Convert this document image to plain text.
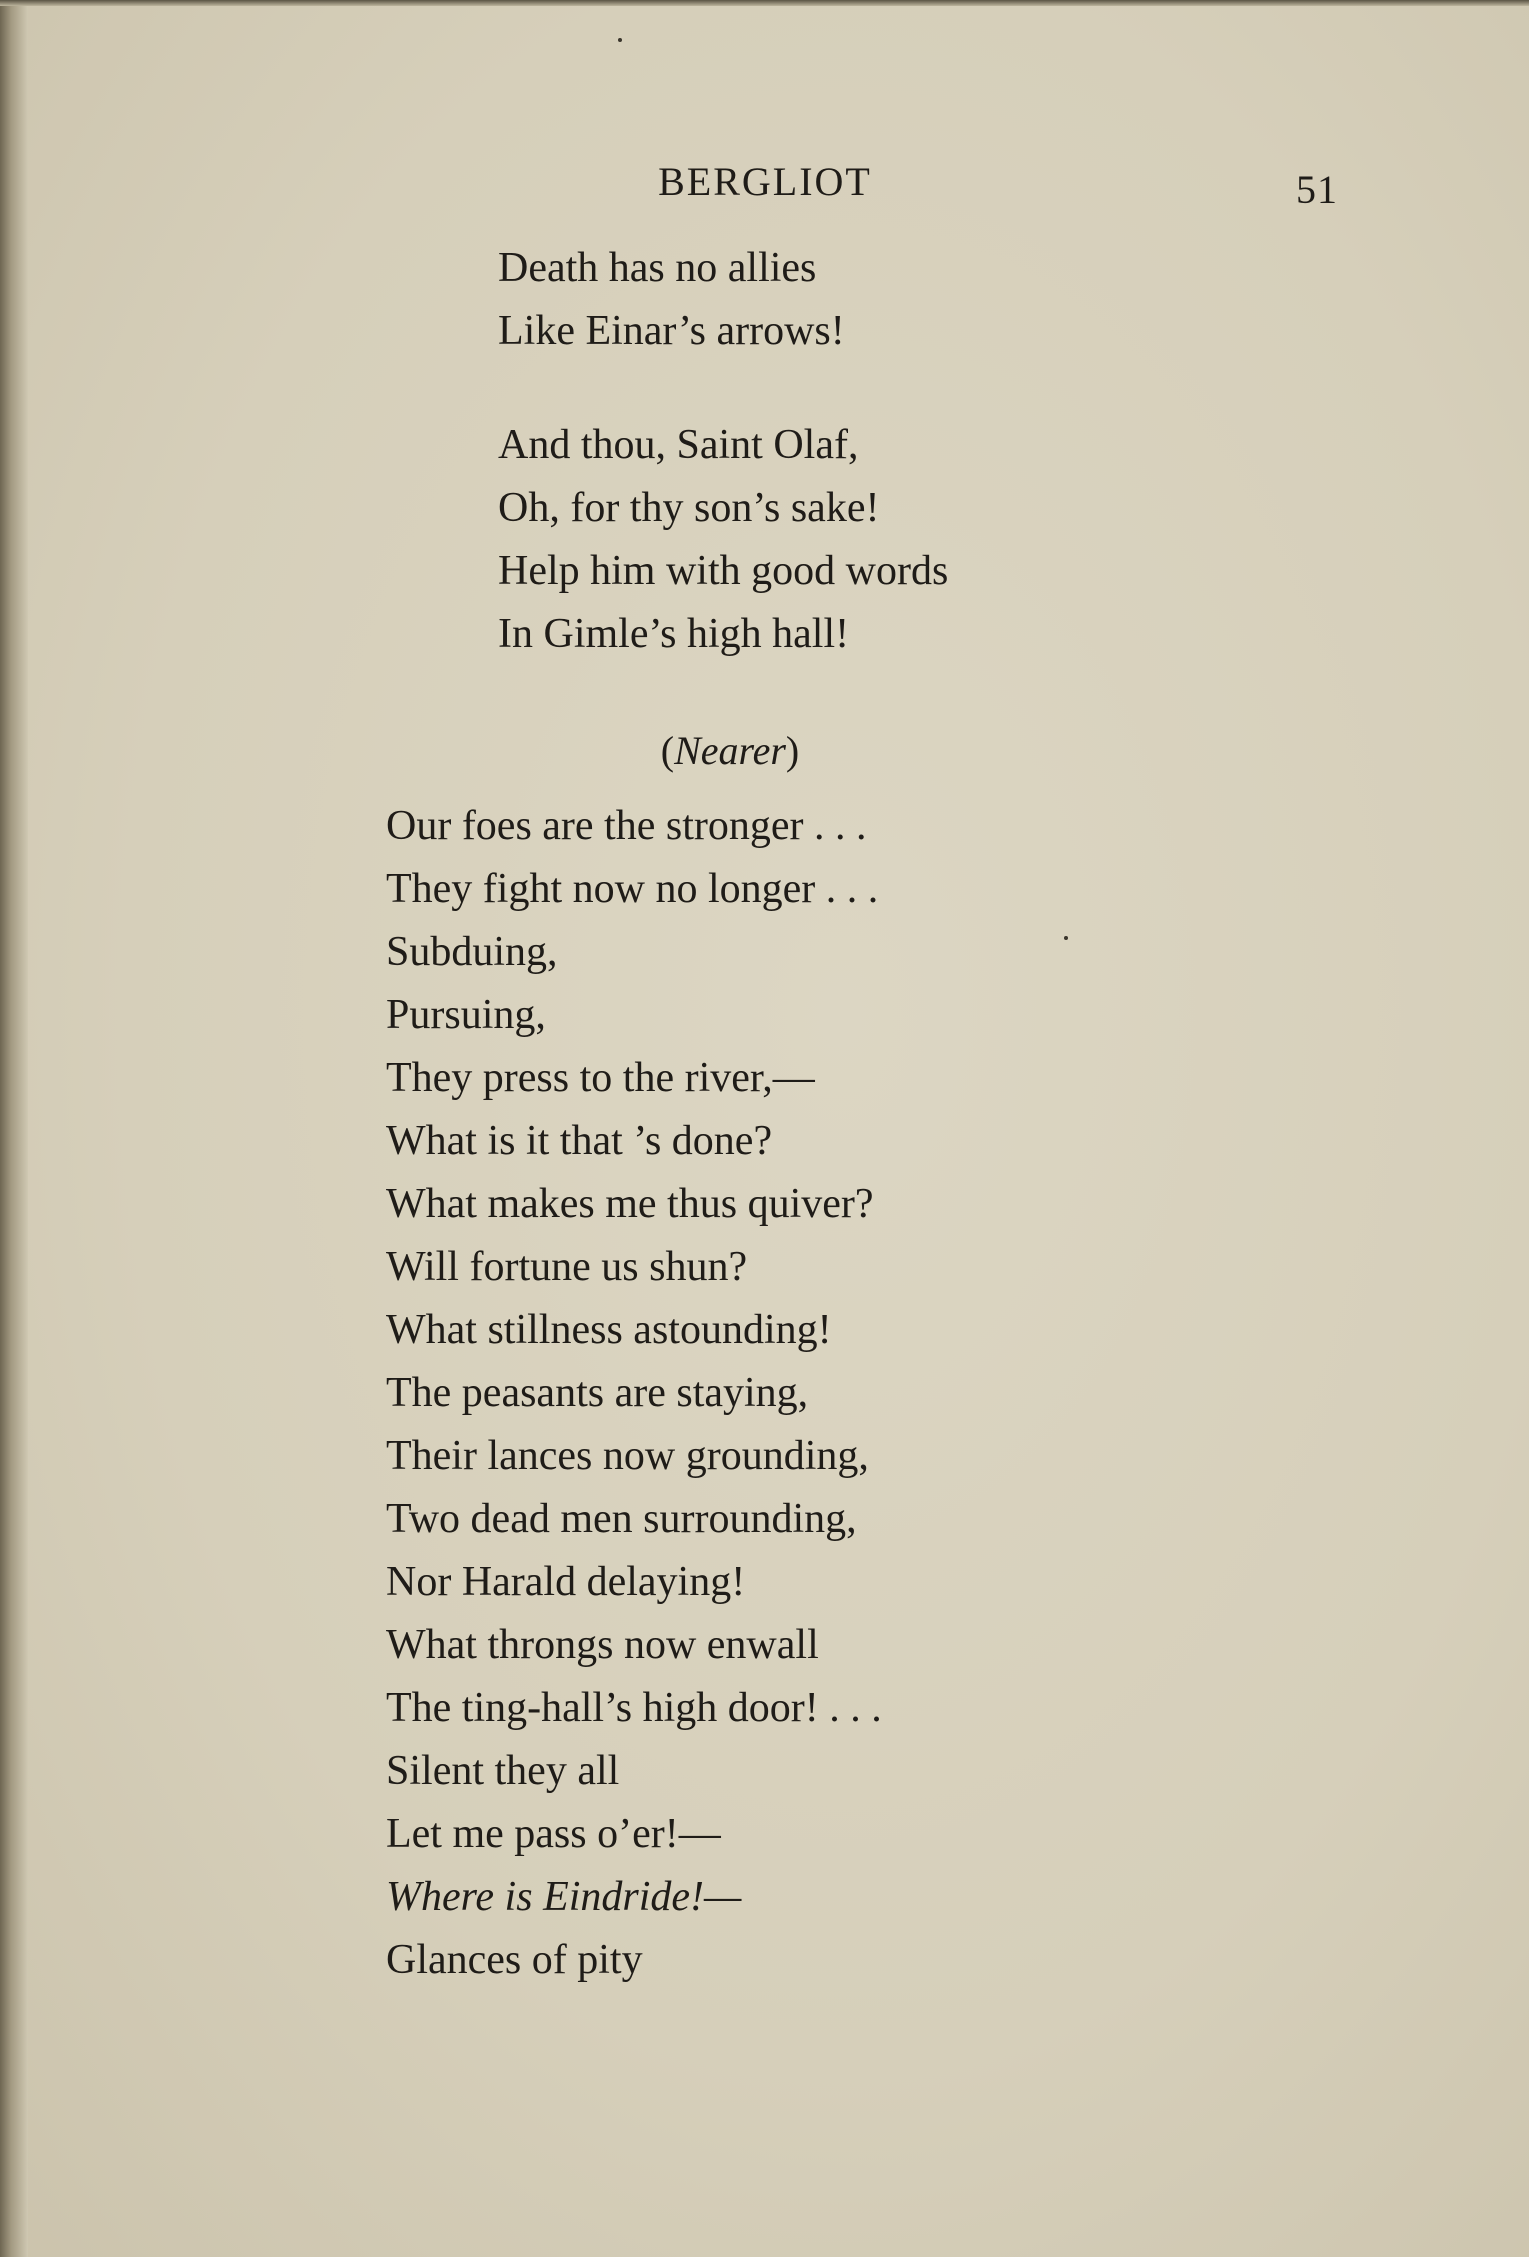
BERGLIOT	51
Death has no allies
Like Einar’s arrows!
And thou, Saint Olaf,
Oh, for thy son’s sake!
Help him with good words
In Gimle’s high hall!
(Nearer)
Our foes are the stronger . . .
They fight now no longer . . .
Subduing,
Pursuing,
They press to the river,—
What is it that ’s done?
What makes me thus quiver?
Will fortune us shun?
What stillness astounding!
The peasants are staying,
Their lances now grounding,
Two dead men surrounding,
Nor Harald delaying!
What throngs now enwall
The ting-hall’s high door! . . .
Silent they all
Let me pass o’er!—
Where is Eindride!—
Glances of pity
